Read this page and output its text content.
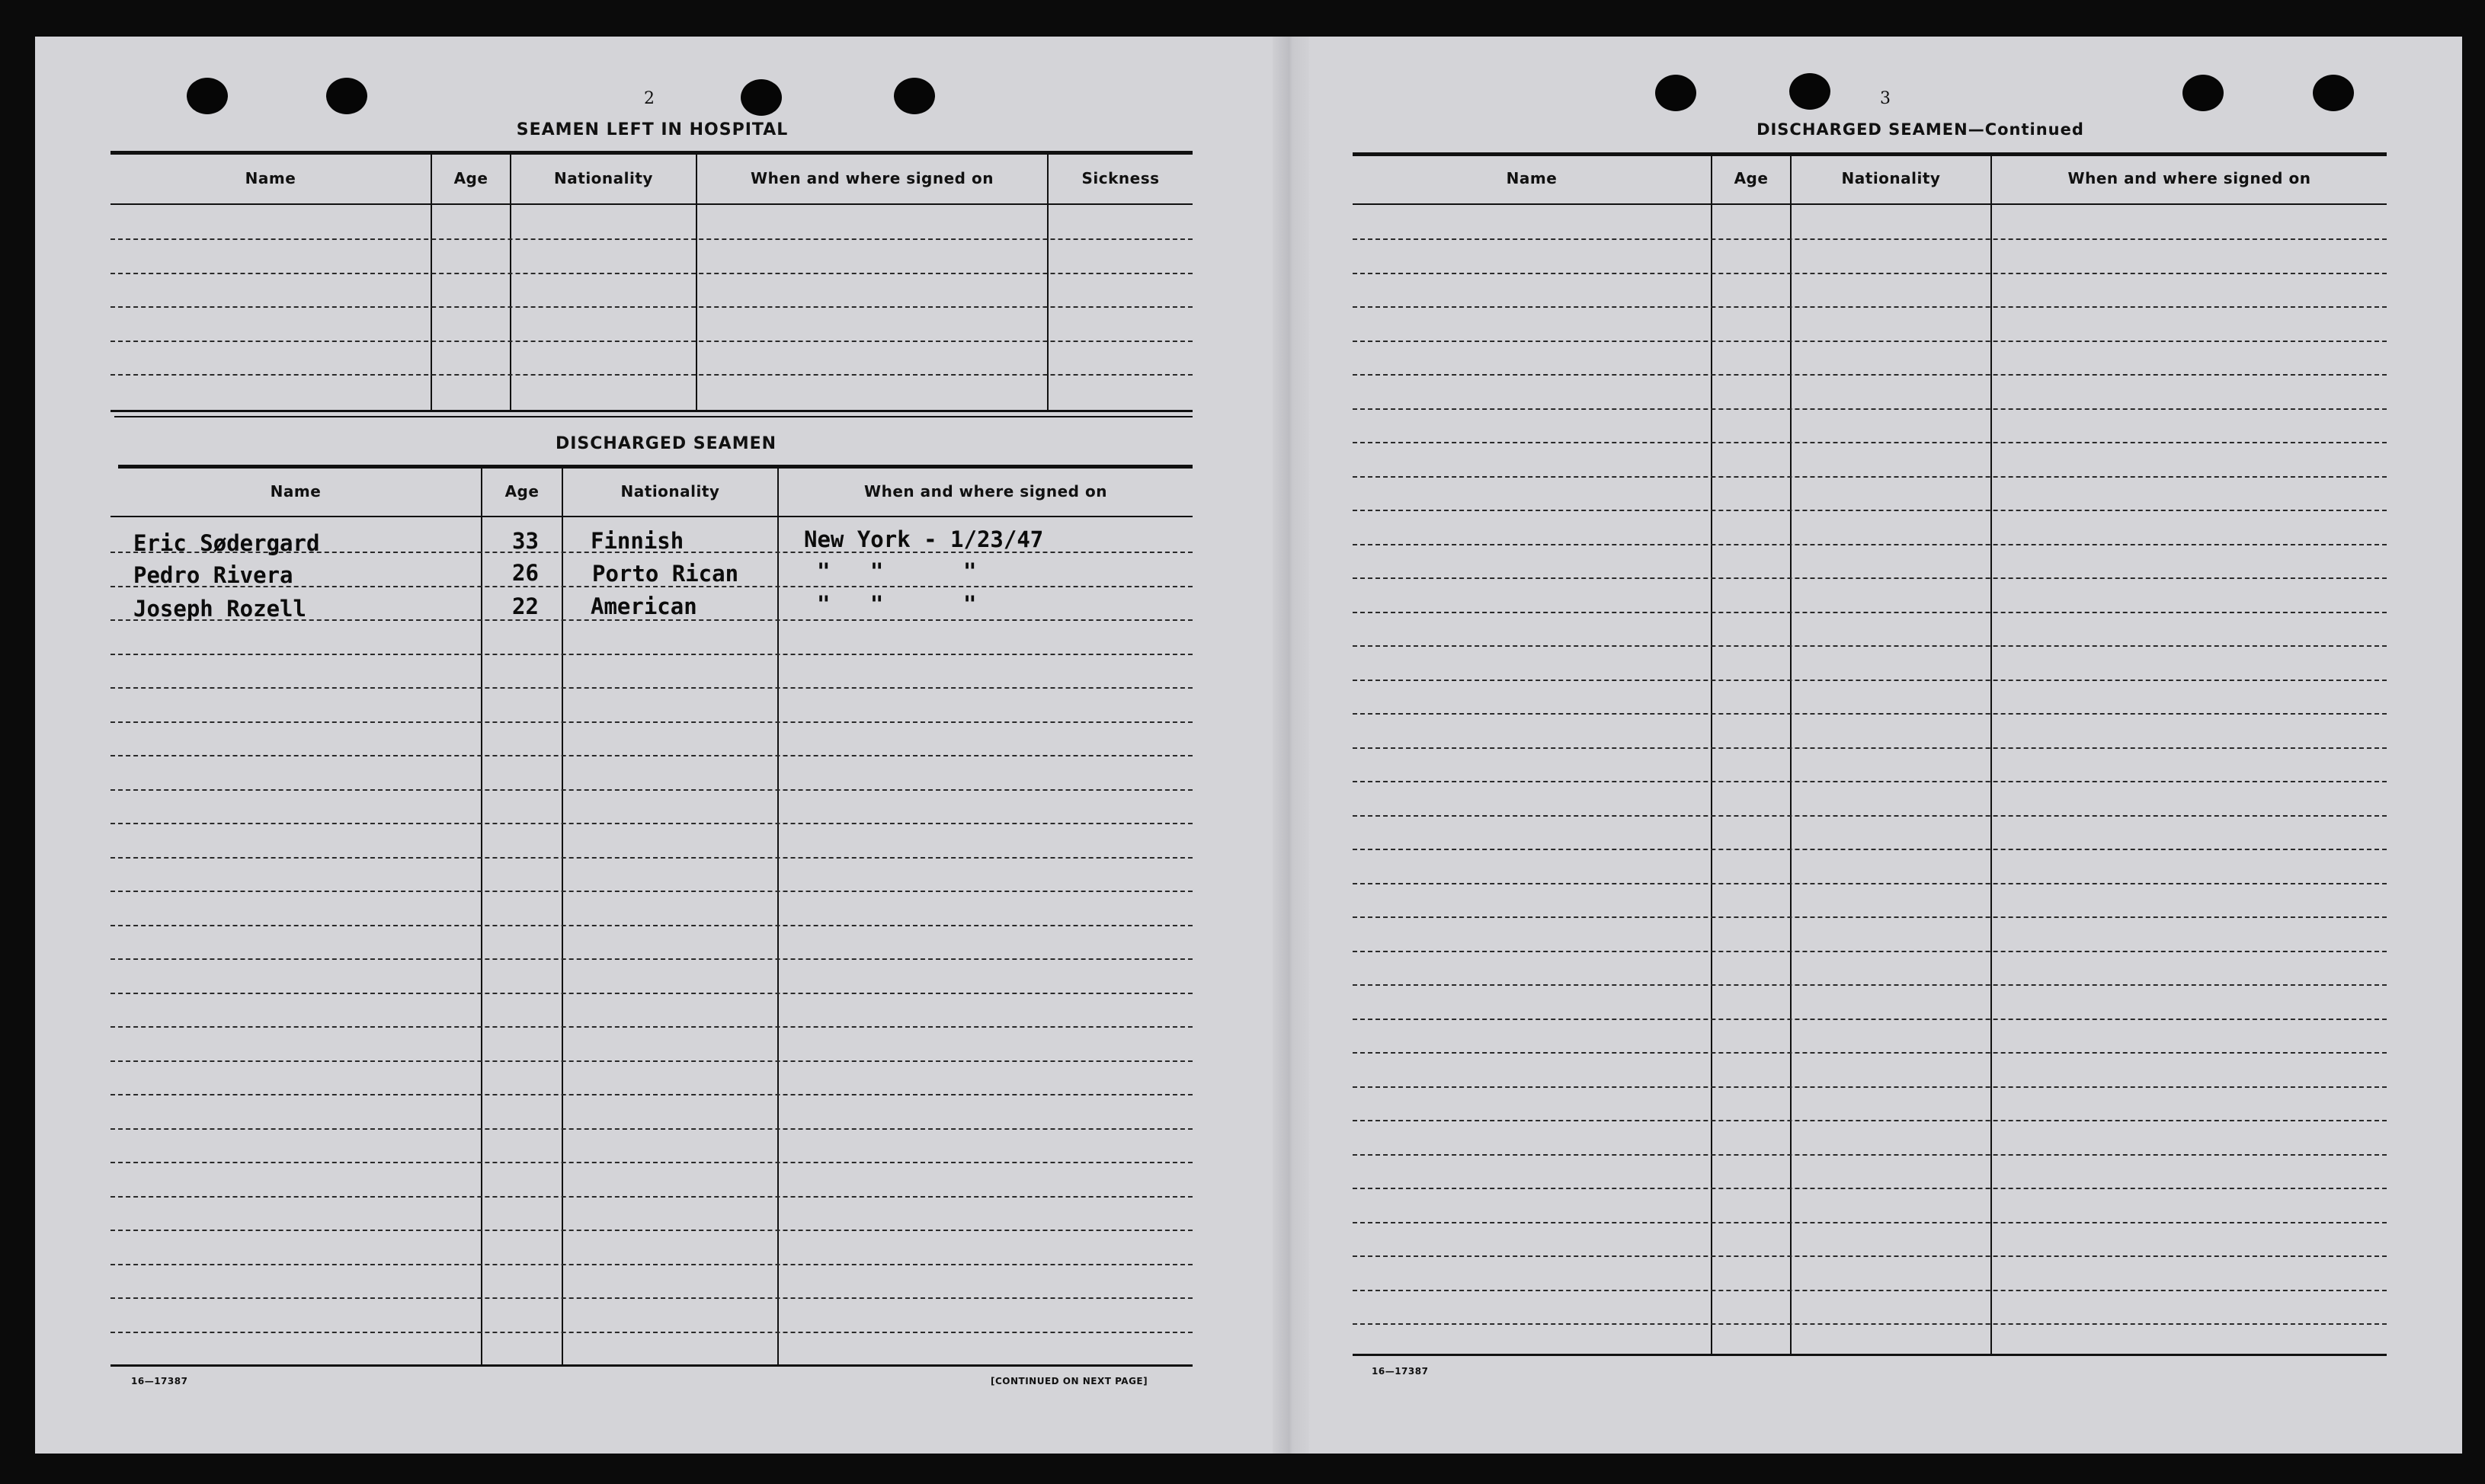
2
SEAMEN LEFT IN HOSPITAL
Name	Age	Nationality	When and where signed on	Sickness
DISCHARGED SEAMEN
Name	Age	Nationality	When and where signed on
Eric Sødergard	33 Finnish	New York - 1/23/47
Pedro Rivera	26 Porto Rican	"   "      "
Joseph Rozell	22 American	"   "      "
16—17387	[CONTINUED ON NEXT PAGE]
3
DISCHARGED SEAMEN—Continued
Name	Age	Nationality	When and where signed on
16—17387
